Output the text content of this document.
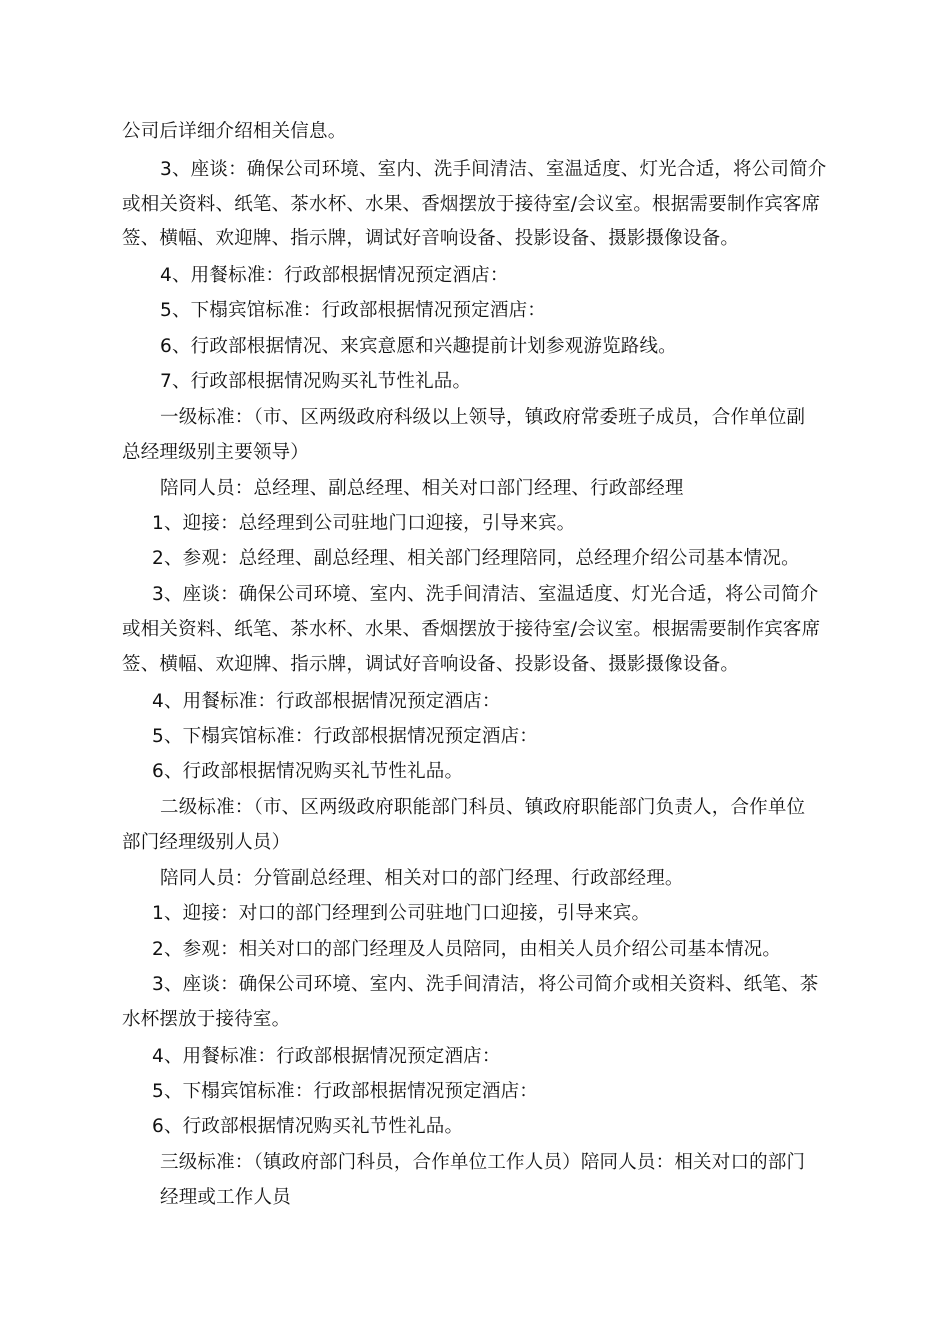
公司后详细介绍相关信息。
3、座谈：确保公司环境、室内、洗手间清洁、室温适度、灯光合适，将公司简介
或相关资料、纸笔、茶水杯、水果、香烟摆放于接待室/会议室。根据需要制作宾客席
签、横幅、欢迎牌、指示牌，调试好音响设备、投影设备、摄影摄像设备。
4、用餐标准：行政部根据情况预定酒店：
5、下榻宾馆标准：行政部根据情况预定酒店：
6、行政部根据情况、来宾意愿和兴趣提前计划参观游览路线。
7、行政部根据情况购买礼节性礼品。
一级标准：（市、区两级政府科级以上领导，镇政府常委班子成员，合作单位副
总经理级别主要领导）
陪同人员：总经理、副总经理、相关对口部门经理、行政部经理
1、迎接：总经理到公司驻地门口迎接，引导来宾。
2、参观：总经理、副总经理、相关部门经理陪同，总经理介绍公司基本情况。
3、座谈：确保公司环境、室内、洗手间清洁、室温适度、灯光合适，将公司简介
或相关资料、纸笔、茶水杯、水果、香烟摆放于接待室/会议室。根据需要制作宾客席
签、横幅、欢迎牌、指示牌，调试好音响设备、投影设备、摄影摄像设备。
4、用餐标准：行政部根据情况预定酒店：
5、下榻宾馆标准：行政部根据情况预定酒店：
6、行政部根据情况购买礼节性礼品。
二级标准：（市、区两级政府职能部门科员、镇政府职能部门负责人，合作单位
部门经理级别人员）
陪同人员：分管副总经理、相关对口的部门经理、行政部经理。
1、迎接：对口的部门经理到公司驻地门口迎接，引导来宾。
2、参观：相关对口的部门经理及人员陪同，由相关人员介绍公司基本情况。
3、座谈：确保公司环境、室内、洗手间清洁，将公司简介或相关资料、纸笔、茶
水杯摆放于接待室。
4、用餐标准：行政部根据情况预定酒店：
5、下榻宾馆标准：行政部根据情况预定酒店：
6、行政部根据情况购买礼节性礼品。
三级标准：（镇政府部门科员，合作单位工作人员）陪同人员：相关对口的部门
经理或工作人员
